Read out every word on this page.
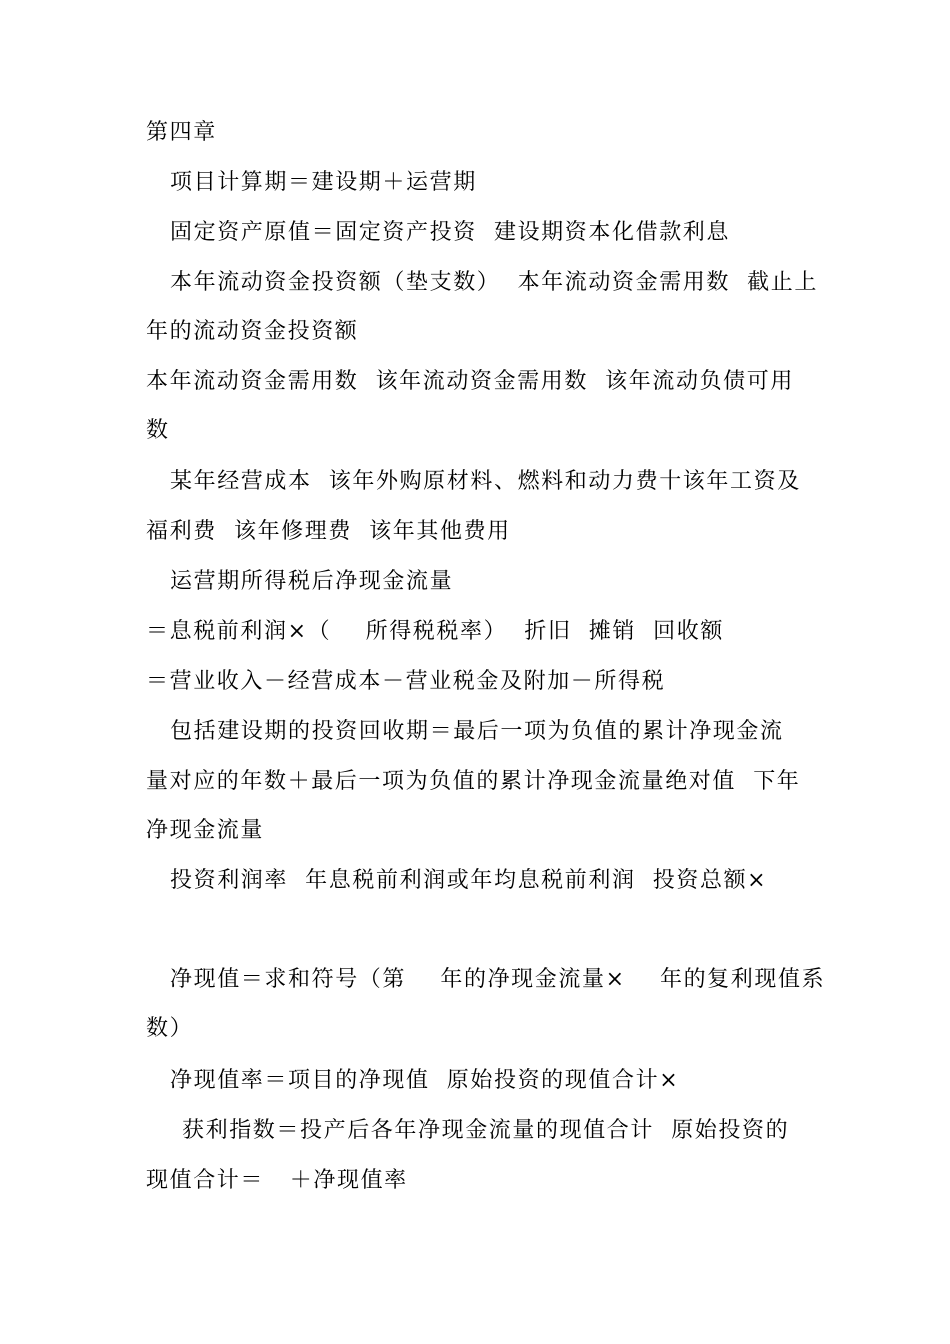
第四章
项目计算期＝建设期＋运营期
固定资产原值＝固定资产投资  建设期资本化借款利息
本年流动资金投资额（垫支数）  本年流动资金需用数  截止上
年的流动资金投资额
本年流动资金需用数  该年流动资金需用数  该年流动负债可用
数
某年经营成本  该年外购原材料、燃料和动力费十该年工资及
福利费  该年修理费  该年其他费用
运营期所得税后净现金流量
＝息税前利润×（    所得税税率）  折旧  摊销  回收额
＝营业收入－经营成本－营业税金及附加－所得税
包括建设期的投资回收期＝最后一项为负值的累计净现金流
量对应的年数＋最后一项为负值的累计净现金流量绝对值  下年
净现金流量
投资利润率  年息税前利润或年均息税前利润  投资总额×
净现值＝求和符号（第    年的净现金流量×    年的复利现值系
数）
净现值率＝项目的净现值  原始投资的现值合计×
获利指数＝投产后各年净现金流量的现值合计  原始投资的
现值合计＝   ＋净现值率
